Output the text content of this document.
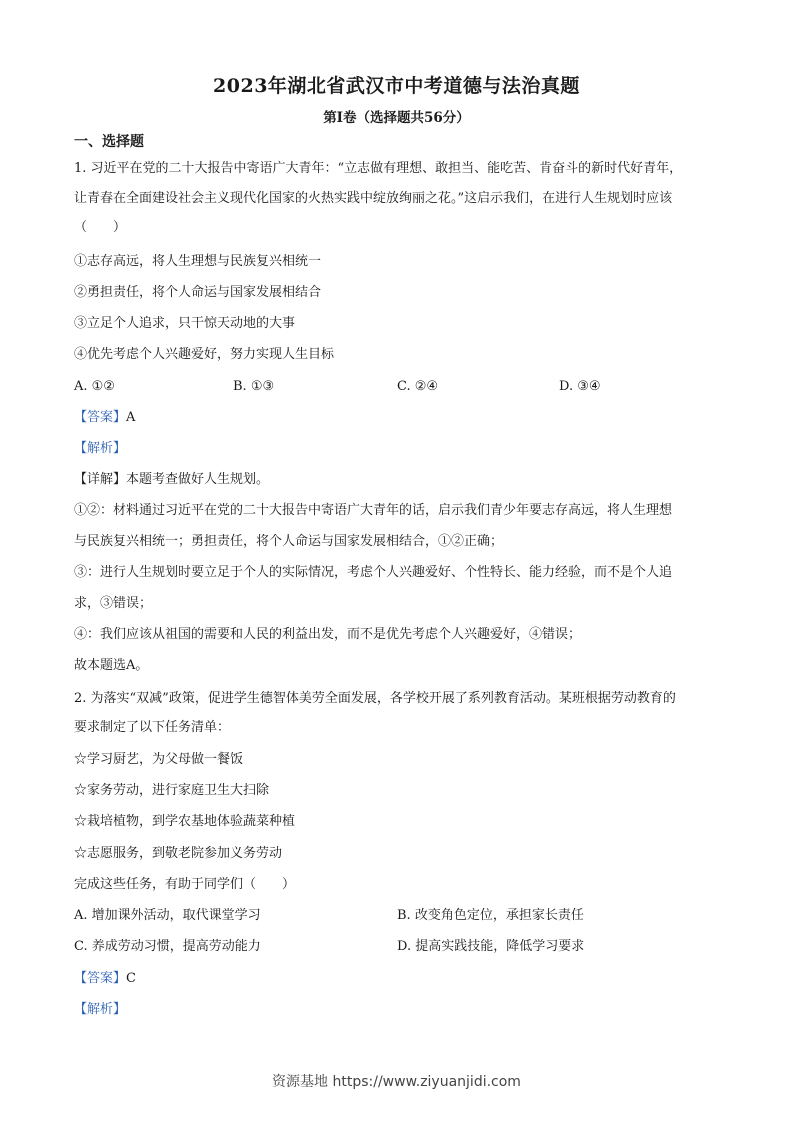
2023年湖北省武汉市中考道德与法治真题
第I卷（选择题共56分）
一、选择题
1. 习近平在党的二十大报告中寄语广大青年：“立志做有理想、敢担当、能吃苦、肯奋斗的新时代好青年，
让青春在全面建设社会主义现代化国家的火热实践中绽放绚丽之花。”这启示我们，在进行人生规划时应该
（　　）
①志存高远，将人生理想与民族复兴相统一
②勇担责任，将个人命运与国家发展相结合
③立足个人追求，只干惊天动地的大事
④优先考虑个人兴趣爱好，努力实现人生目标
A. ①②	B. ①③	C. ②④	D. ③④
【答案】A
【解析】
【详解】本题考查做好人生规划。
①②：材料通过习近平在党的二十大报告中寄语广大青年的话，启示我们青少年要志存高远，将人生理想
与民族复兴相统一；勇担责任，将个人命运与国家发展相结合，①②正确；
③：进行人生规划时要立足于个人的实际情况，考虑个人兴趣爱好、个性特长、能力经验，而不是个人追
求，③错误；
④：我们应该从祖国的需要和人民的利益出发，而不是优先考虑个人兴趣爱好，④错误；
故本题选A。
2. 为落实“双减”政策，促进学生德智体美劳全面发展，各学校开展了系列教育活动。某班根据劳动教育的
要求制定了以下任务清单：
☆学习厨艺，为父母做一餐饭
☆家务劳动，进行家庭卫生大扫除
☆栽培植物，到学农基地体验蔬菜种植
☆志愿服务，到敬老院参加义务劳动
完成这些任务，有助于同学们（　　）
A. 增加课外活动，取代课堂学习	B. 改变角色定位，承担家长责任
C. 养成劳动习惯，提高劳动能力	D. 提高实践技能，降低学习要求
【答案】C
【解析】
资源基地 https://www.ziyuanjidi.com
